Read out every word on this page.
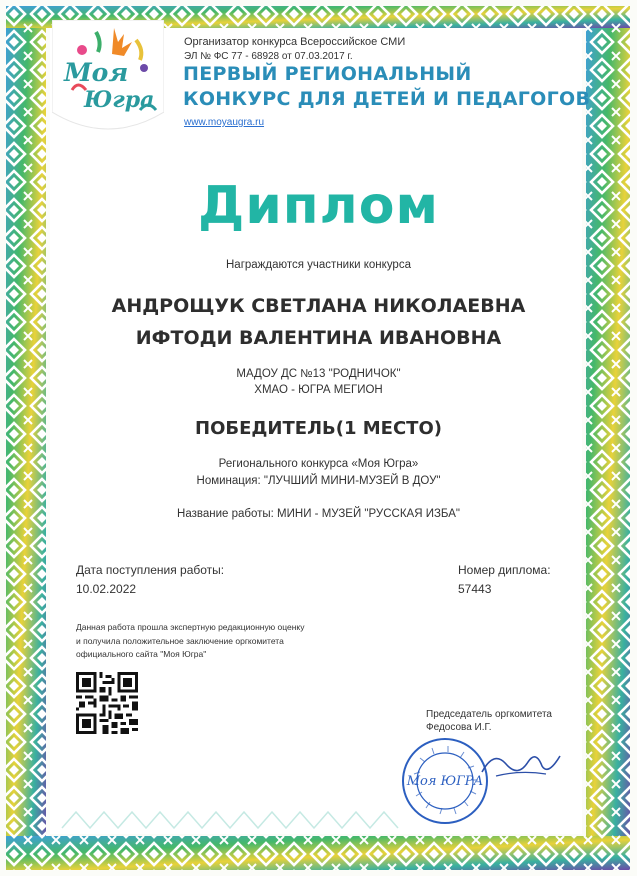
Моя
Югра
Организатор конкурса Всероссийское СМИ
ЭЛ № ФС 77 - 68928 от 07.03.2017 г.
ПЕРВЫЙ РЕГИОНАЛЬНЫЙ
КОНКУРС ДЛЯ ДЕТЕЙ И ПЕДАГОГОВ
www.moyaugra.ru
Диплом
Награждаются участники конкурса
АНДРОЩУК СВЕТЛАНА НИКОЛАЕВНА
ИФТОДИ ВАЛЕНТИНА ИВАНОВНА
МАДОУ ДС №13 "РОДНИЧОК"
ХМАО - ЮГРА МЕГИОН
ПОБЕДИТЕЛЬ(1 МЕСТО)
Регионального конкурса «Моя Югра»
Номинация: "ЛУЧШИЙ МИНИ-МУЗЕЙ В ДОУ"
Название работы: МИНИ - МУЗЕЙ "РУССКАЯ ИЗБА"
Дата поступления работы:
10.02.2022
Номер диплома:
57443
Данная работа прошла экспертную редакционную оценку
и получила положительное заключение оргкомитета
официального сайта "Моя Югра"
Председатель оргкомитета
Федосова И.Г.
Моя ЮГРА
